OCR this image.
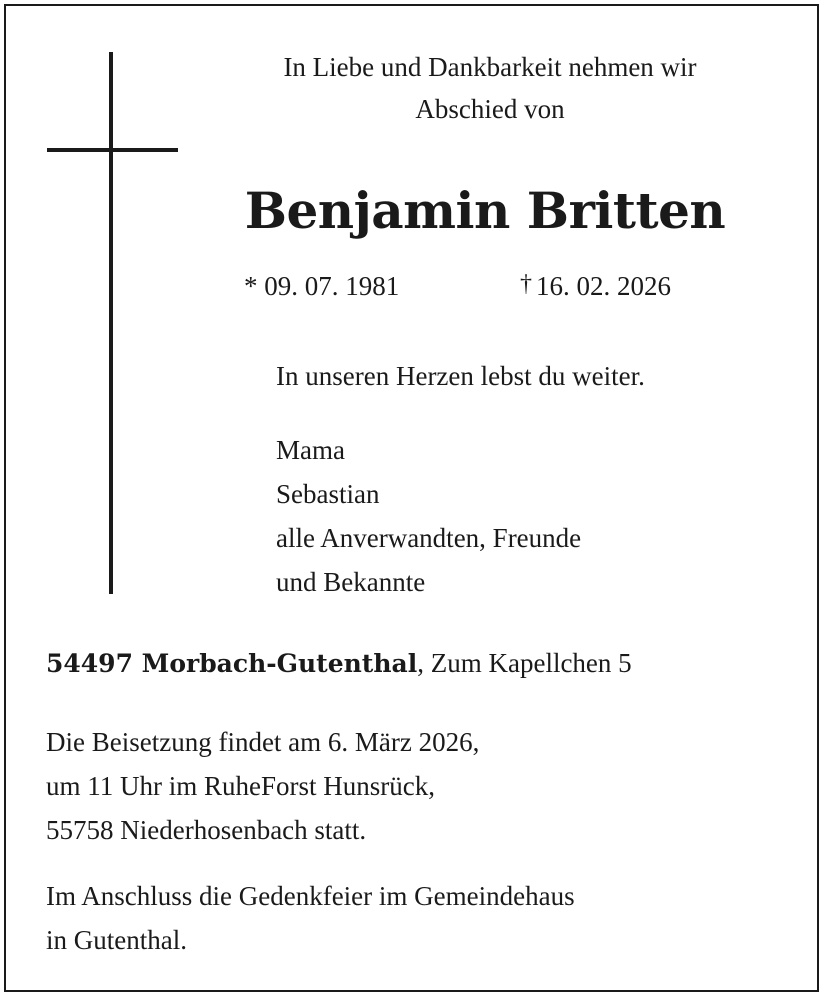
In Liebe und Dankbarkeit nehmen wir
Abschied von
Benjamin Britten
* 09. 07. 1981	† 16. 02. 2026
In unseren Herzen lebst du weiter.
Mama
Sebastian
alle Anverwandten, Freunde
und Bekannte
54497 Morbach-Gutenthal, Zum Kapellchen 5
Die Beisetzung findet am 6. März 2026,
um 11 Uhr im RuheForst Hunsrück,
55758 Niederhosenbach statt.
Im Anschluss die Gedenkfeier im Gemeindehaus
in Gutenthal.
